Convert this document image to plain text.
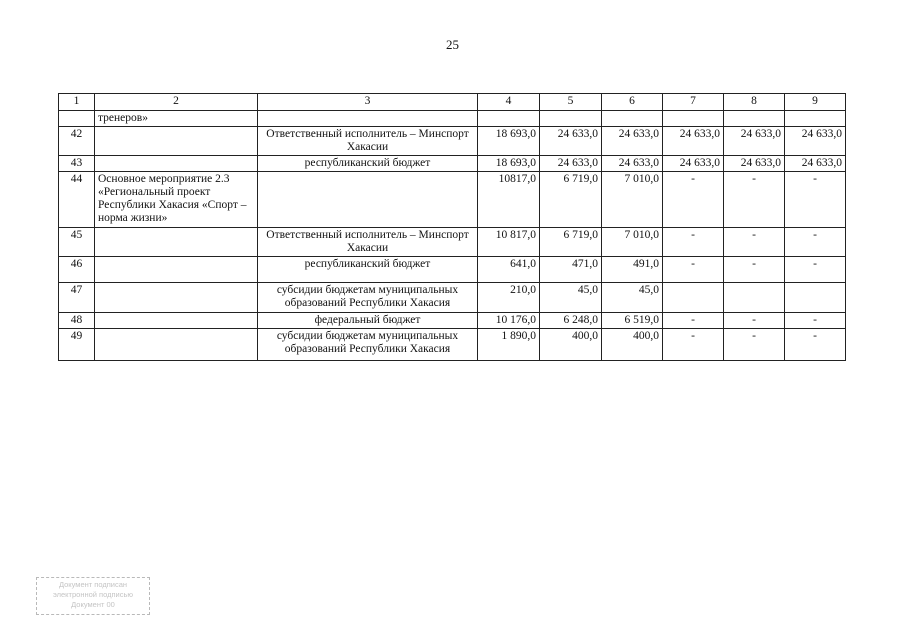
25
1	2	3	4	5	6	7	8	9
	тренеров»							
42		Ответственный исполнитель – Минспорт Хакасии	18 693,0	24 633,0	24 633,0	24 633,0	24 633,0	24 633,0
43		республиканский бюджет	18 693,0	24 633,0	24 633,0	24 633,0	24 633,0	24 633,0
44	Основное мероприятие 2.3 «Региональный проект Республики Хакасия «Спорт – норма жизни»		10817,0	6 719,0	7 010,0	-	-	-
45		Ответственный исполнитель – Минспорт Хакасии	10 817,0	6 719,0	7 010,0	-	-	-
46		республиканский бюджет	641,0	471,0	491,0	-	-	-
47		субсидии бюджетам муниципальных образований Республики Хакасия	210,0	45,0	45,0			
48		федеральный бюджет	10 176,0	6 248,0	6 519,0	-	-	-
49		субсидии бюджетам муниципальных образований Республики Хакасия	1 890,0	400,0	400,0	-	-	-
Документ подписан
электронной подписью
Документ 00
